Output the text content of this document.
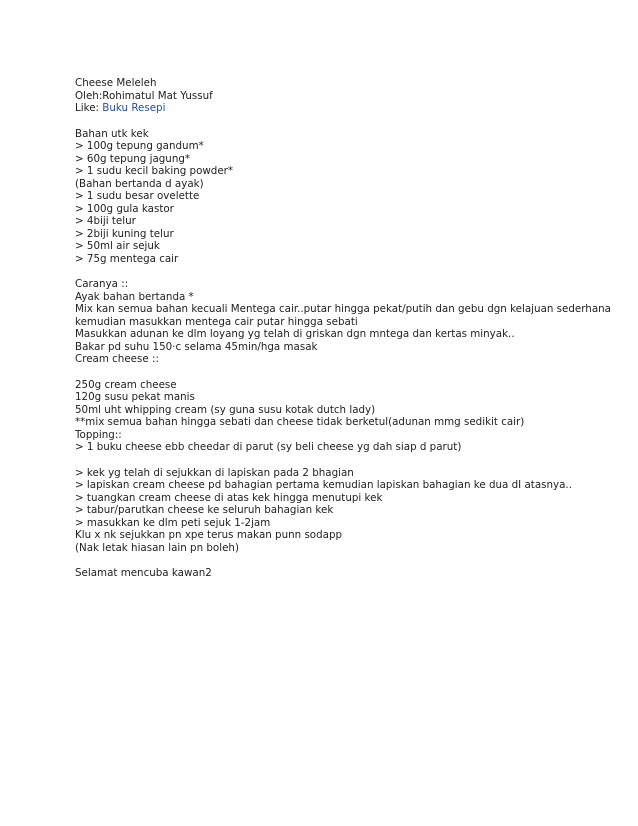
Cheese Meleleh
Oleh:Rohimatul Mat Yussuf
Like: Buku Resepi
Bahan utk kek
> 100g tepung gandum*
> 60g tepung jagung*
> 1 sudu kecil baking powder*
(Bahan bertanda d ayak)
> 1 sudu besar ovelette
> 100g gula kastor
> 4biji telur
> 2biji kuning telur
> 50ml air sejuk
> 75g mentega cair
Caranya ::
Ayak bahan bertanda *
Mix kan semua bahan kecuali Mentega cair..putar hingga pekat/putih dan gebu dgn kelajuan sederhana
kemudian masukkan mentega cair putar hingga sebati
Masukkan adunan ke dlm loyang yg telah di griskan dgn mntega dan kertas minyak..
Bakar pd suhu 150·c selama 45min/hga masak
Cream cheese ::
250g cream cheese
120g susu pekat manis
50ml uht whipping cream (sy guna susu kotak dutch lady)
**mix semua bahan hingga sebati dan cheese tidak berketul(adunan mmg sedikit cair)
Topping::
> 1 buku cheese ebb cheedar di parut (sy beli cheese yg dah siap d parut)
> kek yg telah di sejukkan di lapiskan pada 2 bhagian
> lapiskan cream cheese pd bahagian pertama kemudian lapiskan bahagian ke dua dI atasnya..
> tuangkan cream cheese di atas kek hingga menutupi kek
> tabur/parutkan cheese ke seluruh bahagian kek
> masukkan ke dlm peti sejuk 1-2jam
Klu x nk sejukkan pn xpe terus makan punn sodapp
(Nak letak hiasan lain pn boleh)
Selamat mencuba kawan2
